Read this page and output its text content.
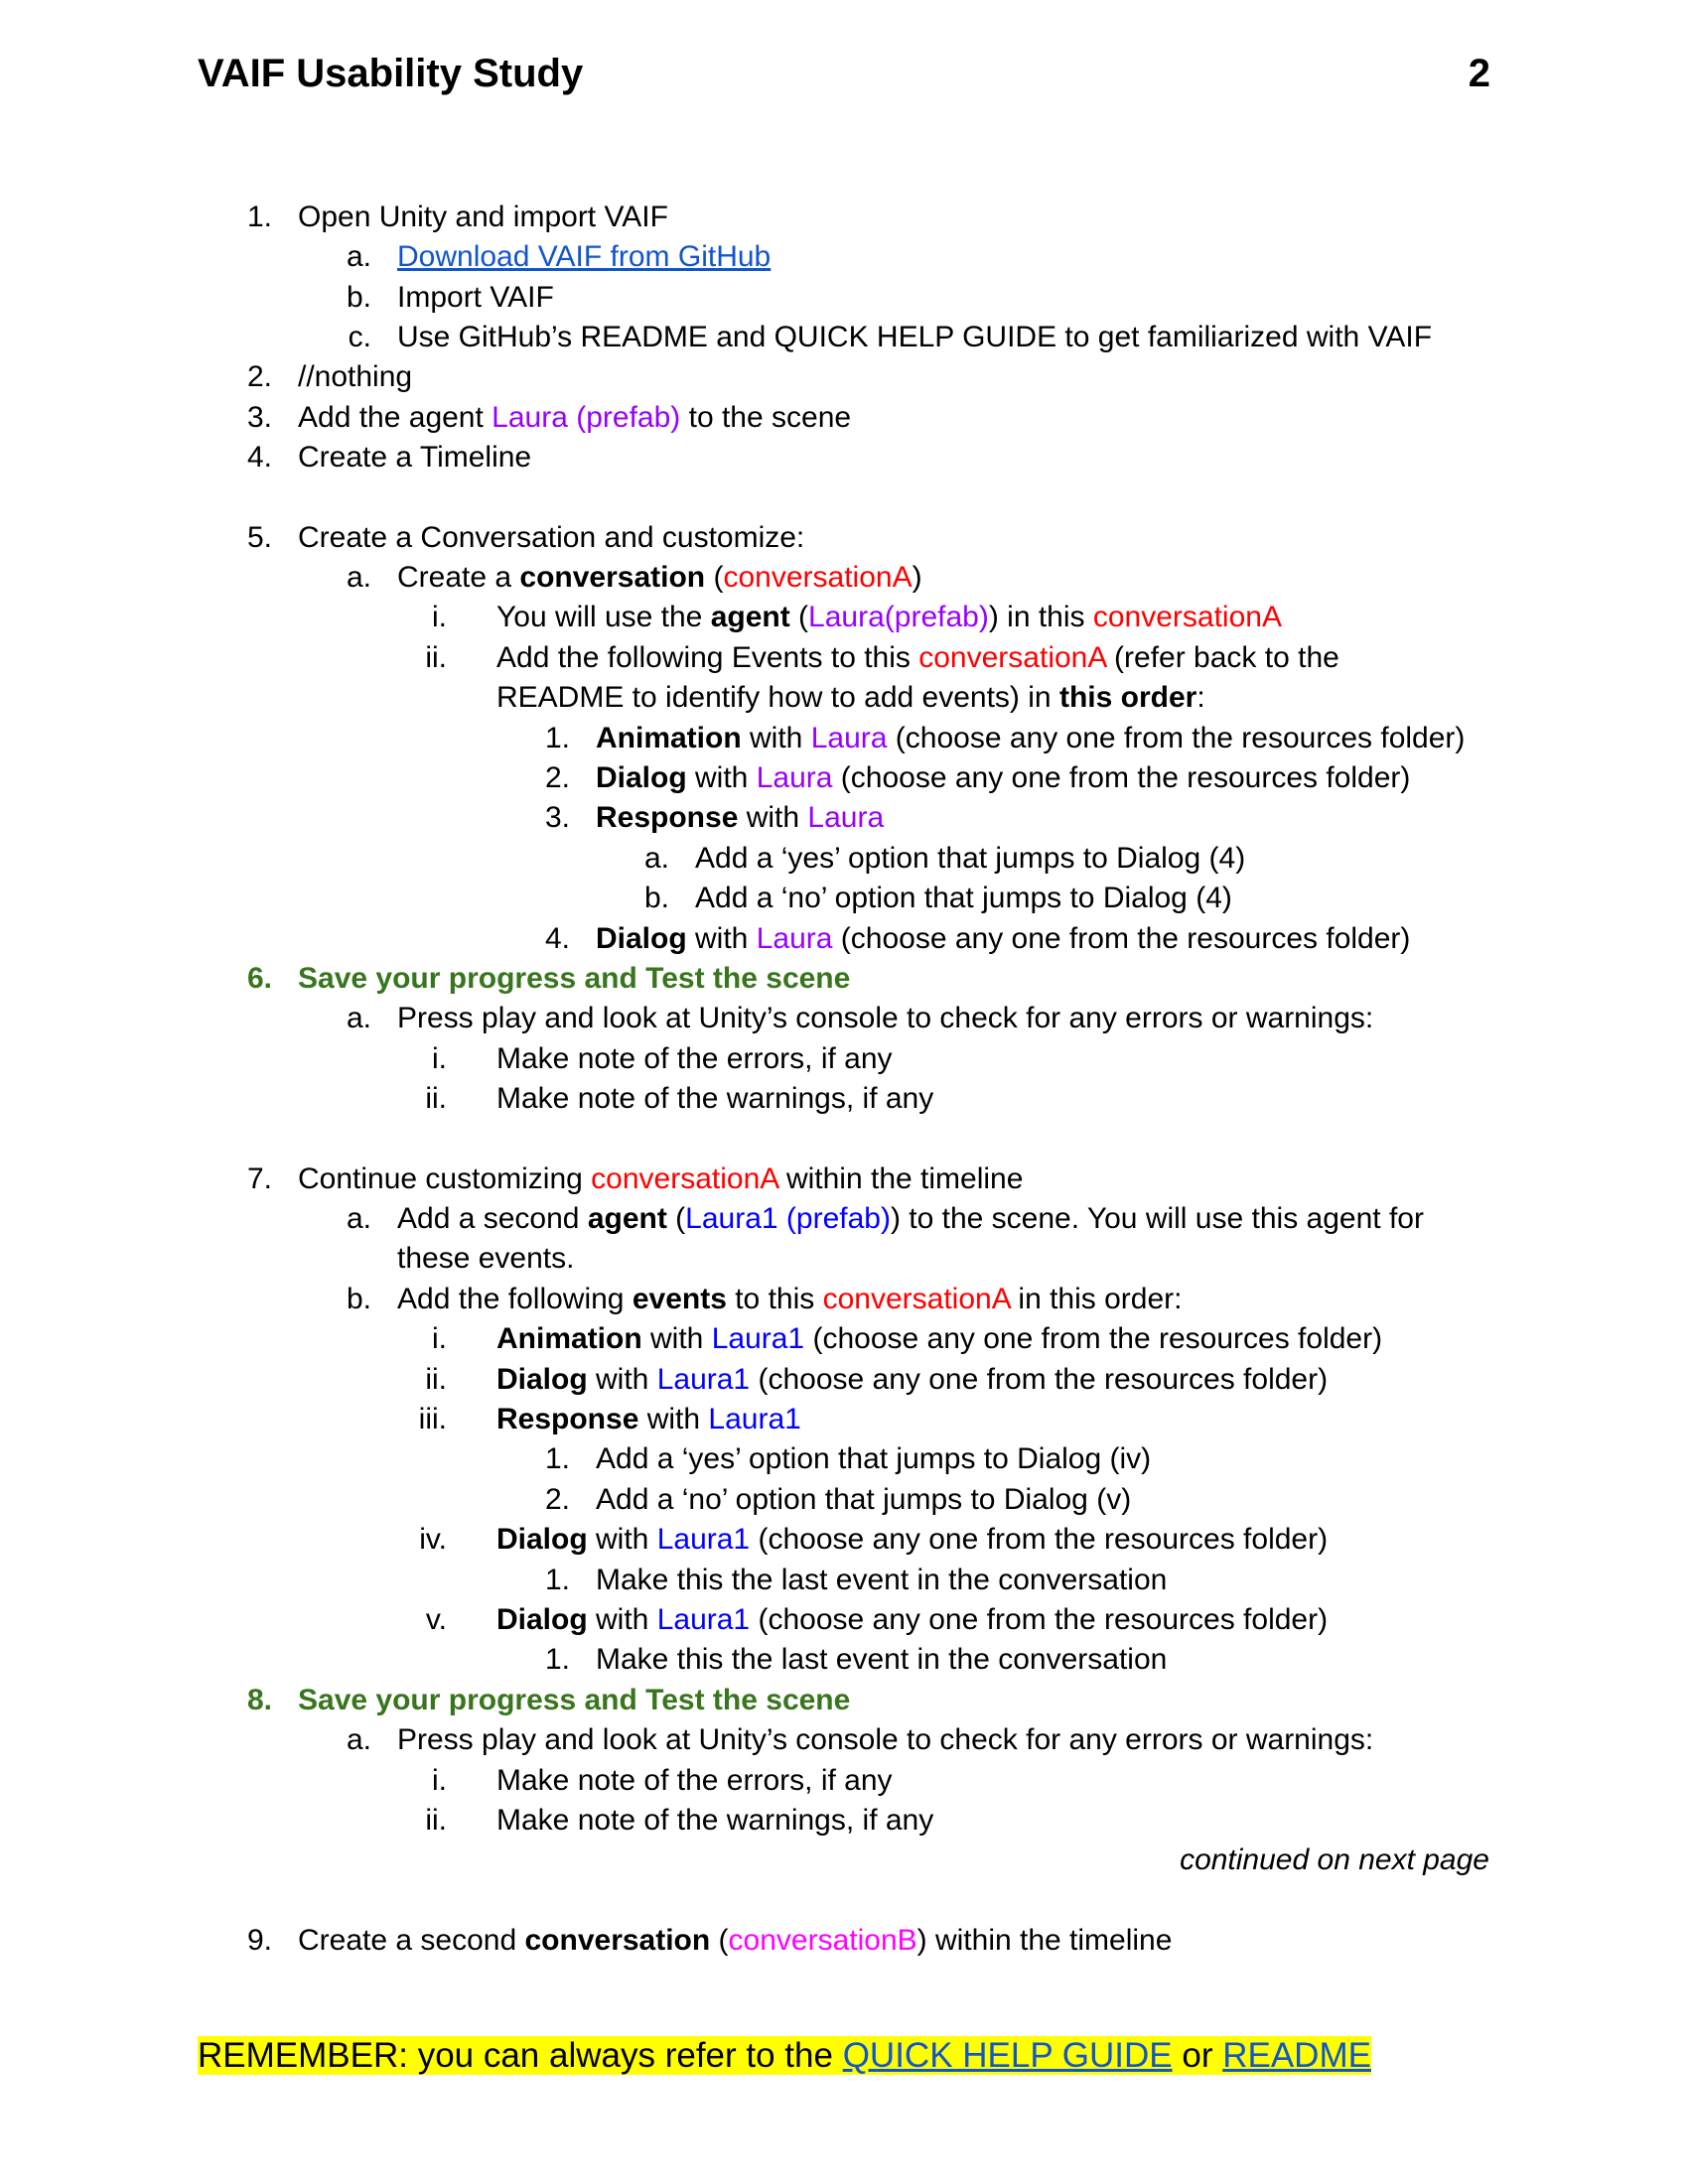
VAIF Usability Study	2
1. Open Unity and import VAIF
a. Download VAIF from GitHub
b. Import VAIF
c. Use GitHub’s README and QUICK HELP GUIDE to get familiarized with VAIF
2. //nothing
3. Add the agent Laura (prefab) to the scene
4. Create a Timeline
5. Create a Conversation and customize:
a. Create a conversation (conversationA)
i. You will use the agent (Laura(prefab)) in this conversationA
ii. Add the following Events to this conversationA (refer back to the
README to identify how to add events) in this order:
1. Animation with Laura (choose any one from the resources folder)
2. Dialog with Laura (choose any one from the resources folder)
3. Response with Laura
a. Add a ‘yes’ option that jumps to Dialog (4)
b. Add a ‘no’ option that jumps to Dialog (4)
4. Dialog with Laura (choose any one from the resources folder)
6. Save your progress and Test the scene
a. Press play and look at Unity’s console to check for any errors or warnings:
i. Make note of the errors, if any
ii. Make note of the warnings, if any
7. Continue customizing conversationA within the timeline
a. Add a second agent (Laura1 (prefab)) to the scene. You will use this agent for
these events.
b. Add the following events to this conversationA in this order:
i. Animation with Laura1 (choose any one from the resources folder)
ii. Dialog with Laura1 (choose any one from the resources folder)
iii. Response with Laura1
1. Add a ‘yes’ option that jumps to Dialog (iv)
2. Add a ‘no’ option that jumps to Dialog (v)
iv. Dialog with Laura1 (choose any one from the resources folder)
1. Make this the last event in the conversation
v. Dialog with Laura1 (choose any one from the resources folder)
1. Make this the last event in the conversation
8. Save your progress and Test the scene
a. Press play and look at Unity’s console to check for any errors or warnings:
i. Make note of the errors, if any
ii. Make note of the warnings, if any
continued on next page
9. Create a second conversation (conversationB) within the timeline
REMEMBER: you can always refer to the QUICK HELP GUIDE or README
